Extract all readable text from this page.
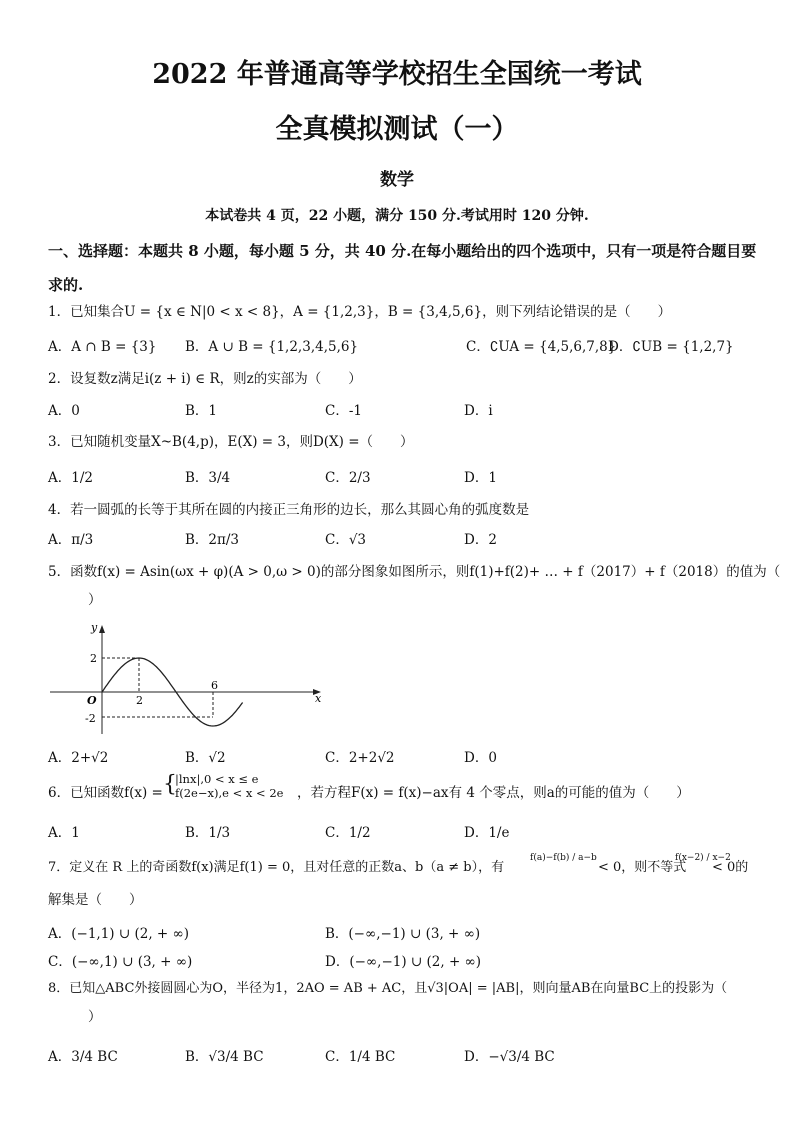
2022 年普通高等学校招生全国统一考试
全真模拟测试（一）
数学
本试卷共 4 页，22 小题，满分 150 分.考试用时 120 分钟.
一、选择题：本题共 8 小题，每小题 5 分，共 40 分.在每小题给出的四个选项中，只有一项是符合题目要求的.
1．已知集合U = {x ∈ N|0 < x < 8}，A = {1,2,3}，B = {3,4,5,6}，则下列结论错误的是（　　）
A．A ∩ B = {3} B．A ∪ B = {1,2,3,4,5,6}	C．∁UA = {4,5,6,7,8}
D．∁UB = {1,2,7}
2．设复数z满足i(z + i) ∈ R，则z的实部为（　　）
A．0	B．1	C．-1	D．i
3．已知随机变量X~B(4,p)，E(X) = 3，则D(X) =（　　）
A．1/2	B．3/4	C．2/3	D．1
4．若一圆弧的长等于其所在圆的内接正三角形的边长，那么其圆心角的弧度数是
A．π/3	B．2π/3	C．√3	D．2
5．函数f(x) = Asin(ωx + φ)(A > 0,ω > 0)的部分图象如图所示，则f(1)+f(2)+ … + f（2017）+ f（2018）的值为（
）
y
x
O
2
-2
2
6
A．2+√2	B．√2	C．2+2√2	D．0
6．已知函数f(x) = {
|lnx|,0 < x ≤ e
f(2e−x),e < x < 2e ，若方程F(x) = f(x)−ax有 4 个零点，则a的可能的值为（　　）
A．1	B．1/3	C．1/2	D．1/e
7．定义在 R 上的奇函数f(x)满足f(1) = 0，且对任意的正数a、b（a ≠ b），有
f(a)−f(b) / a−b
< 0，则不等式
f(x−2) / x−2
< 0的
解集是（　　）
A．(−1,1) ∪ (2, + ∞)	B．(−∞,−1) ∪ (3, + ∞)
C．(−∞,1) ∪ (3, + ∞)	D．(−∞,−1) ∪ (2, + ∞)
8．已知△ABC外接圆圆心为O，半径为1，2AO = AB + AC，且√3|OA| = |AB|，则向量AB在向量BC上的投影为（
）
A．3/4 BC	B．√3/4 BC	C．1/4 BC	D．−√3/4 BC
